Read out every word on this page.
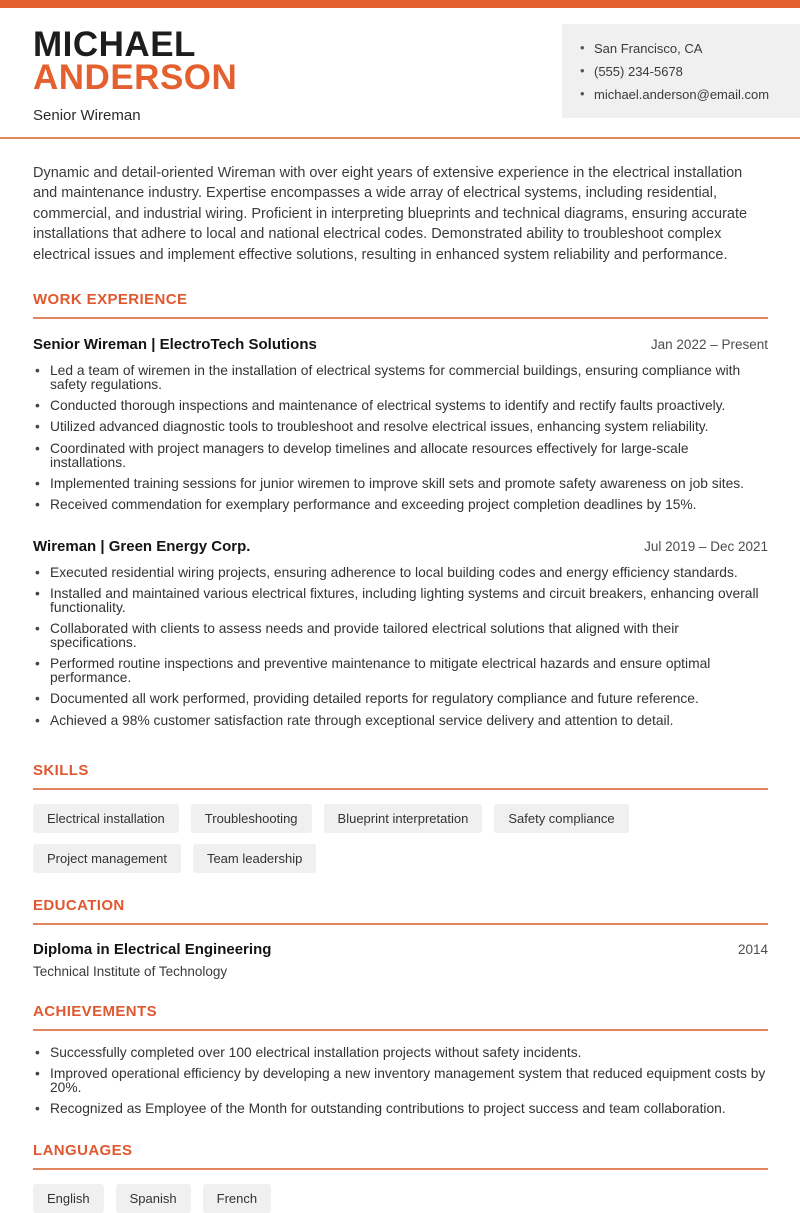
MICHAEL
ANDERSON
Senior Wireman
• San Francisco, CA
• (555) 234-5678
• michael.anderson@email.com

Dynamic and detail-oriented Wireman with over eight years of extensive experience in the electrical installation and maintenance industry. Expertise encompasses a wide array of electrical systems, including residential, commercial, and industrial wiring. Proficient in interpreting blueprints and technical diagrams, ensuring accurate installations that adhere to local and national electrical codes. Demonstrated ability to troubleshoot complex electrical issues and implement effective solutions, resulting in enhanced system reliability and performance.

WORK EXPERIENCE
Senior Wireman | ElectroTech Solutions	Jan 2022 – Present
• Led a team of wiremen in the installation of electrical systems for commercial buildings, ensuring compliance with safety regulations.
• Conducted thorough inspections and maintenance of electrical systems to identify and rectify faults proactively.
• Utilized advanced diagnostic tools to troubleshoot and resolve electrical issues, enhancing system reliability.
• Coordinated with project managers to develop timelines and allocate resources effectively for large-scale installations.
• Implemented training sessions for junior wiremen to improve skill sets and promote safety awareness on job sites.
• Received commendation for exemplary performance and exceeding project completion deadlines by 15%.
Wireman | Green Energy Corp.	Jul 2019 – Dec 2021
• Executed residential wiring projects, ensuring adherence to local building codes and energy efficiency standards.
• Installed and maintained various electrical fixtures, including lighting systems and circuit breakers, enhancing overall functionality.
• Collaborated with clients to assess needs and provide tailored electrical solutions that aligned with their specifications.
• Performed routine inspections and preventive maintenance to mitigate electrical hazards and ensure optimal performance.
• Documented all work performed, providing detailed reports for regulatory compliance and future reference.
• Achieved a 98% customer satisfaction rate through exceptional service delivery and attention to detail.
SKILLS
Electrical installation	Troubleshooting	Blueprint interpretation	Safety compliance
Project management	Team leadership
EDUCATION
Diploma in Electrical Engineering	2014
Technical Institute of Technology
ACHIEVEMENTS
• Successfully completed over 100 electrical installation projects without safety incidents.
• Improved operational efficiency by developing a new inventory management system that reduced equipment costs by 20%.
• Recognized as Employee of the Month for outstanding contributions to project success and team collaboration.
LANGUAGES
English	Spanish	French
